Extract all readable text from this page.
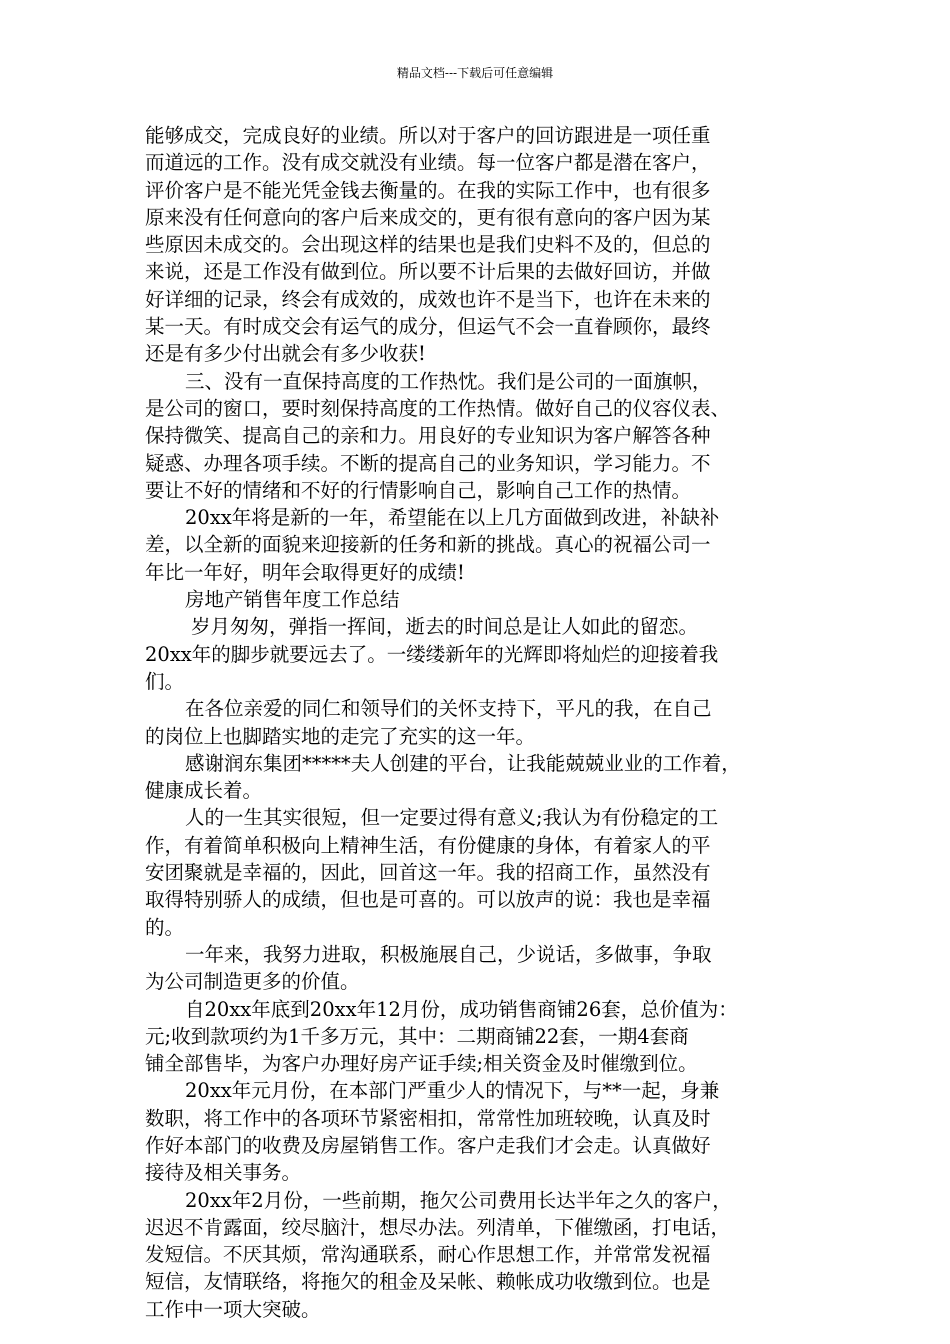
精品文档---下载后可任意编辑
能够成交，完成良好的业绩。所以对于客户的回访跟进是一项任重
而道远的工作。没有成交就没有业绩。每一位客户都是潜在客户，
评价客户是不能光凭金钱去衡量的。在我的实际工作中，也有很多
原来没有任何意向的客户后来成交的，更有很有意向的客户因为某
些原因未成交的。会出现这样的结果也是我们史料不及的，但总的
来说，还是工作没有做到位。所以要不计后果的去做好回访，并做
好详细的记录，终会有成效的，成效也许不是当下，也许在未来的
某一天。有时成交会有运气的成分，但运气不会一直眷顾你，最终
还是有多少付出就会有多少收获!
三、没有一直保持高度的工作热忱。我们是公司的一面旗帜，
是公司的窗口，要时刻保持高度的工作热情。做好自己的仪容仪表、
保持微笑、提高自己的亲和力。用良好的专业知识为客户解答各种
疑惑、办理各项手续。不断的提高自己的业务知识，学习能力。不
要让不好的情绪和不好的行情影响自己，影响自己工作的热情。
20xx年将是新的一年，希望能在以上几方面做到改进，补缺补
差，以全新的面貌来迎接新的任务和新的挑战。真心的祝福公司一
年比一年好，明年会取得更好的成绩!
房地产销售年度工作总结
岁月匆匆，弹指一挥间，逝去的时间总是让人如此的留恋。
20xx年的脚步就要远去了。一缕缕新年的光辉即将灿烂的迎接着我
们。
在各位亲爱的同仁和领导们的关怀支持下，平凡的我，在自己
的岗位上也脚踏实地的走完了充实的这一年。
感谢润东集团*****夫人创建的平台，让我能兢兢业业的工作着，
健康成长着。
人的一生其实很短，但一定要过得有意义;我认为有份稳定的工
作，有着简单积极向上精神生活，有份健康的身体，有着家人的平
安团聚就是幸福的，因此，回首这一年。我的招商工作，虽然没有
取得特别骄人的成绩，但也是可喜的。可以放声的说：我也是幸福
的。
一年来，我努力进取，积极施展自己，少说话，多做事，争取
为公司制造更多的价值。
自20xx年底到20xx年12月份，成功销售商铺26套，总价值为：
元;收到款项约为1千多万元，其中：二期商铺22套，一期4套商
铺全部售毕，为客户办理好房产证手续;相关资金及时催缴到位。
20xx年元月份，在本部门严重少人的情况下，与**一起，身兼
数职，将工作中的各项环节紧密相扣，常常性加班较晚，认真及时
作好本部门的收费及房屋销售工作。客户走我们才会走。认真做好
接待及相关事务。
20xx年2月份，一些前期，拖欠公司费用长达半年之久的客户，
迟迟不肯露面，绞尽脑汁，想尽办法。列清单，下催缴函，打电话，
发短信。不厌其烦，常沟通联系，耐心作思想工作，并常常发祝福
短信，友情联络，将拖欠的租金及呆帐、赖帐成功收缴到位。也是
工作中一项大突破。
